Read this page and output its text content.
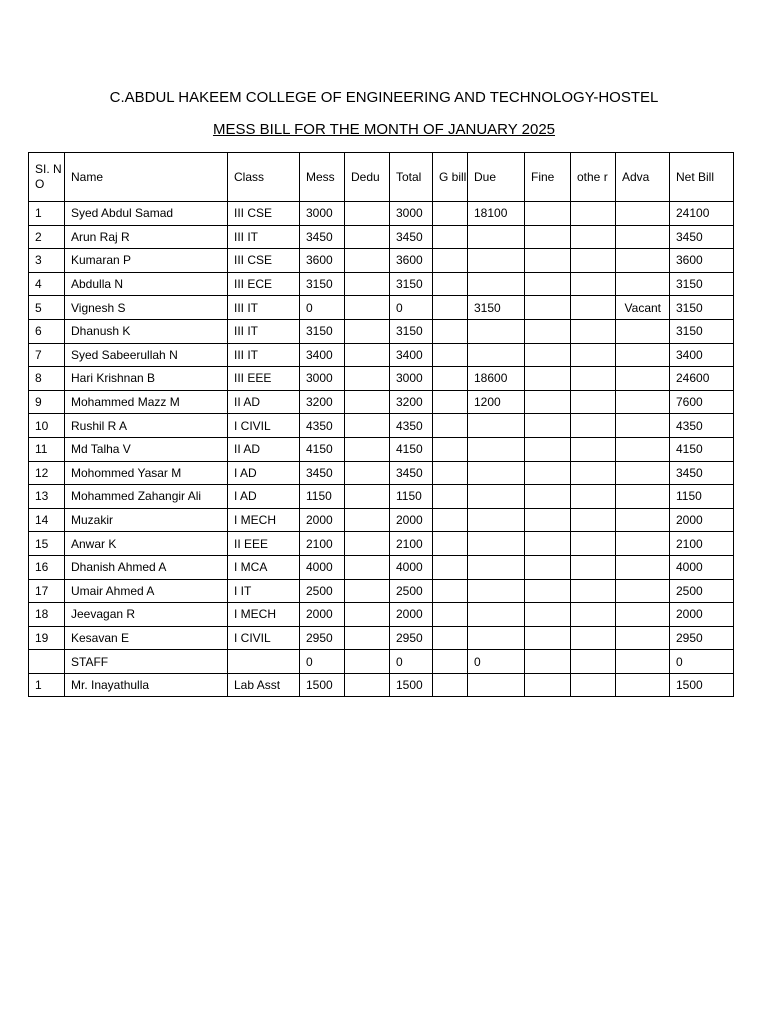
C.ABDUL HAKEEM COLLEGE OF ENGINEERING AND TECHNOLOGY-HOSTEL
MESS BILL FOR THE MONTH OF JANUARY 2025
SI. NO	Name	Class	Mess	Dedu	Total	G bill	Due	Fine	othe r	Adva	Net Bill
1	Syed Abdul Samad	III CSE	3000		3000		18100				24100
2	Arun Raj R	III IT	3450		3450						3450
3	Kumaran P	III CSE	3600		3600						3600
4	Abdulla N	III ECE	3150		3150						3150
5	Vignesh S	III IT	0		0		3150			Vacant	3150
6	Dhanush K	III IT	3150		3150						3150
7	Syed Sabeerullah N	III IT	3400		3400						3400
8	Hari Krishnan B	III EEE	3000		3000		18600				24600
9	Mohammed Mazz M	II AD	3200		3200		1200				7600
10	Rushil R A	I CIVIL	4350		4350						4350
11	Md Talha V	II AD	4150		4150						4150
12	Mohommed Yasar M	I AD	3450		3450						3450
13	Mohammed Zahangir Ali	I AD	1150		1150						1150
14	Muzakir	I MECH	2000		2000						2000
15	Anwar K	II EEE	2100		2100						2100
16	Dhanish Ahmed A	I MCA	4000		4000						4000
17	Umair Ahmed A	I IT	2500		2500						2500
18	Jeevagan R	I MECH	2000		2000						2000
19	Kesavan E	I CIVIL	2950		2950						2950
	STAFF		0		0		0				0
1	Mr. Inayathulla	Lab Asst	1500		1500						1500
